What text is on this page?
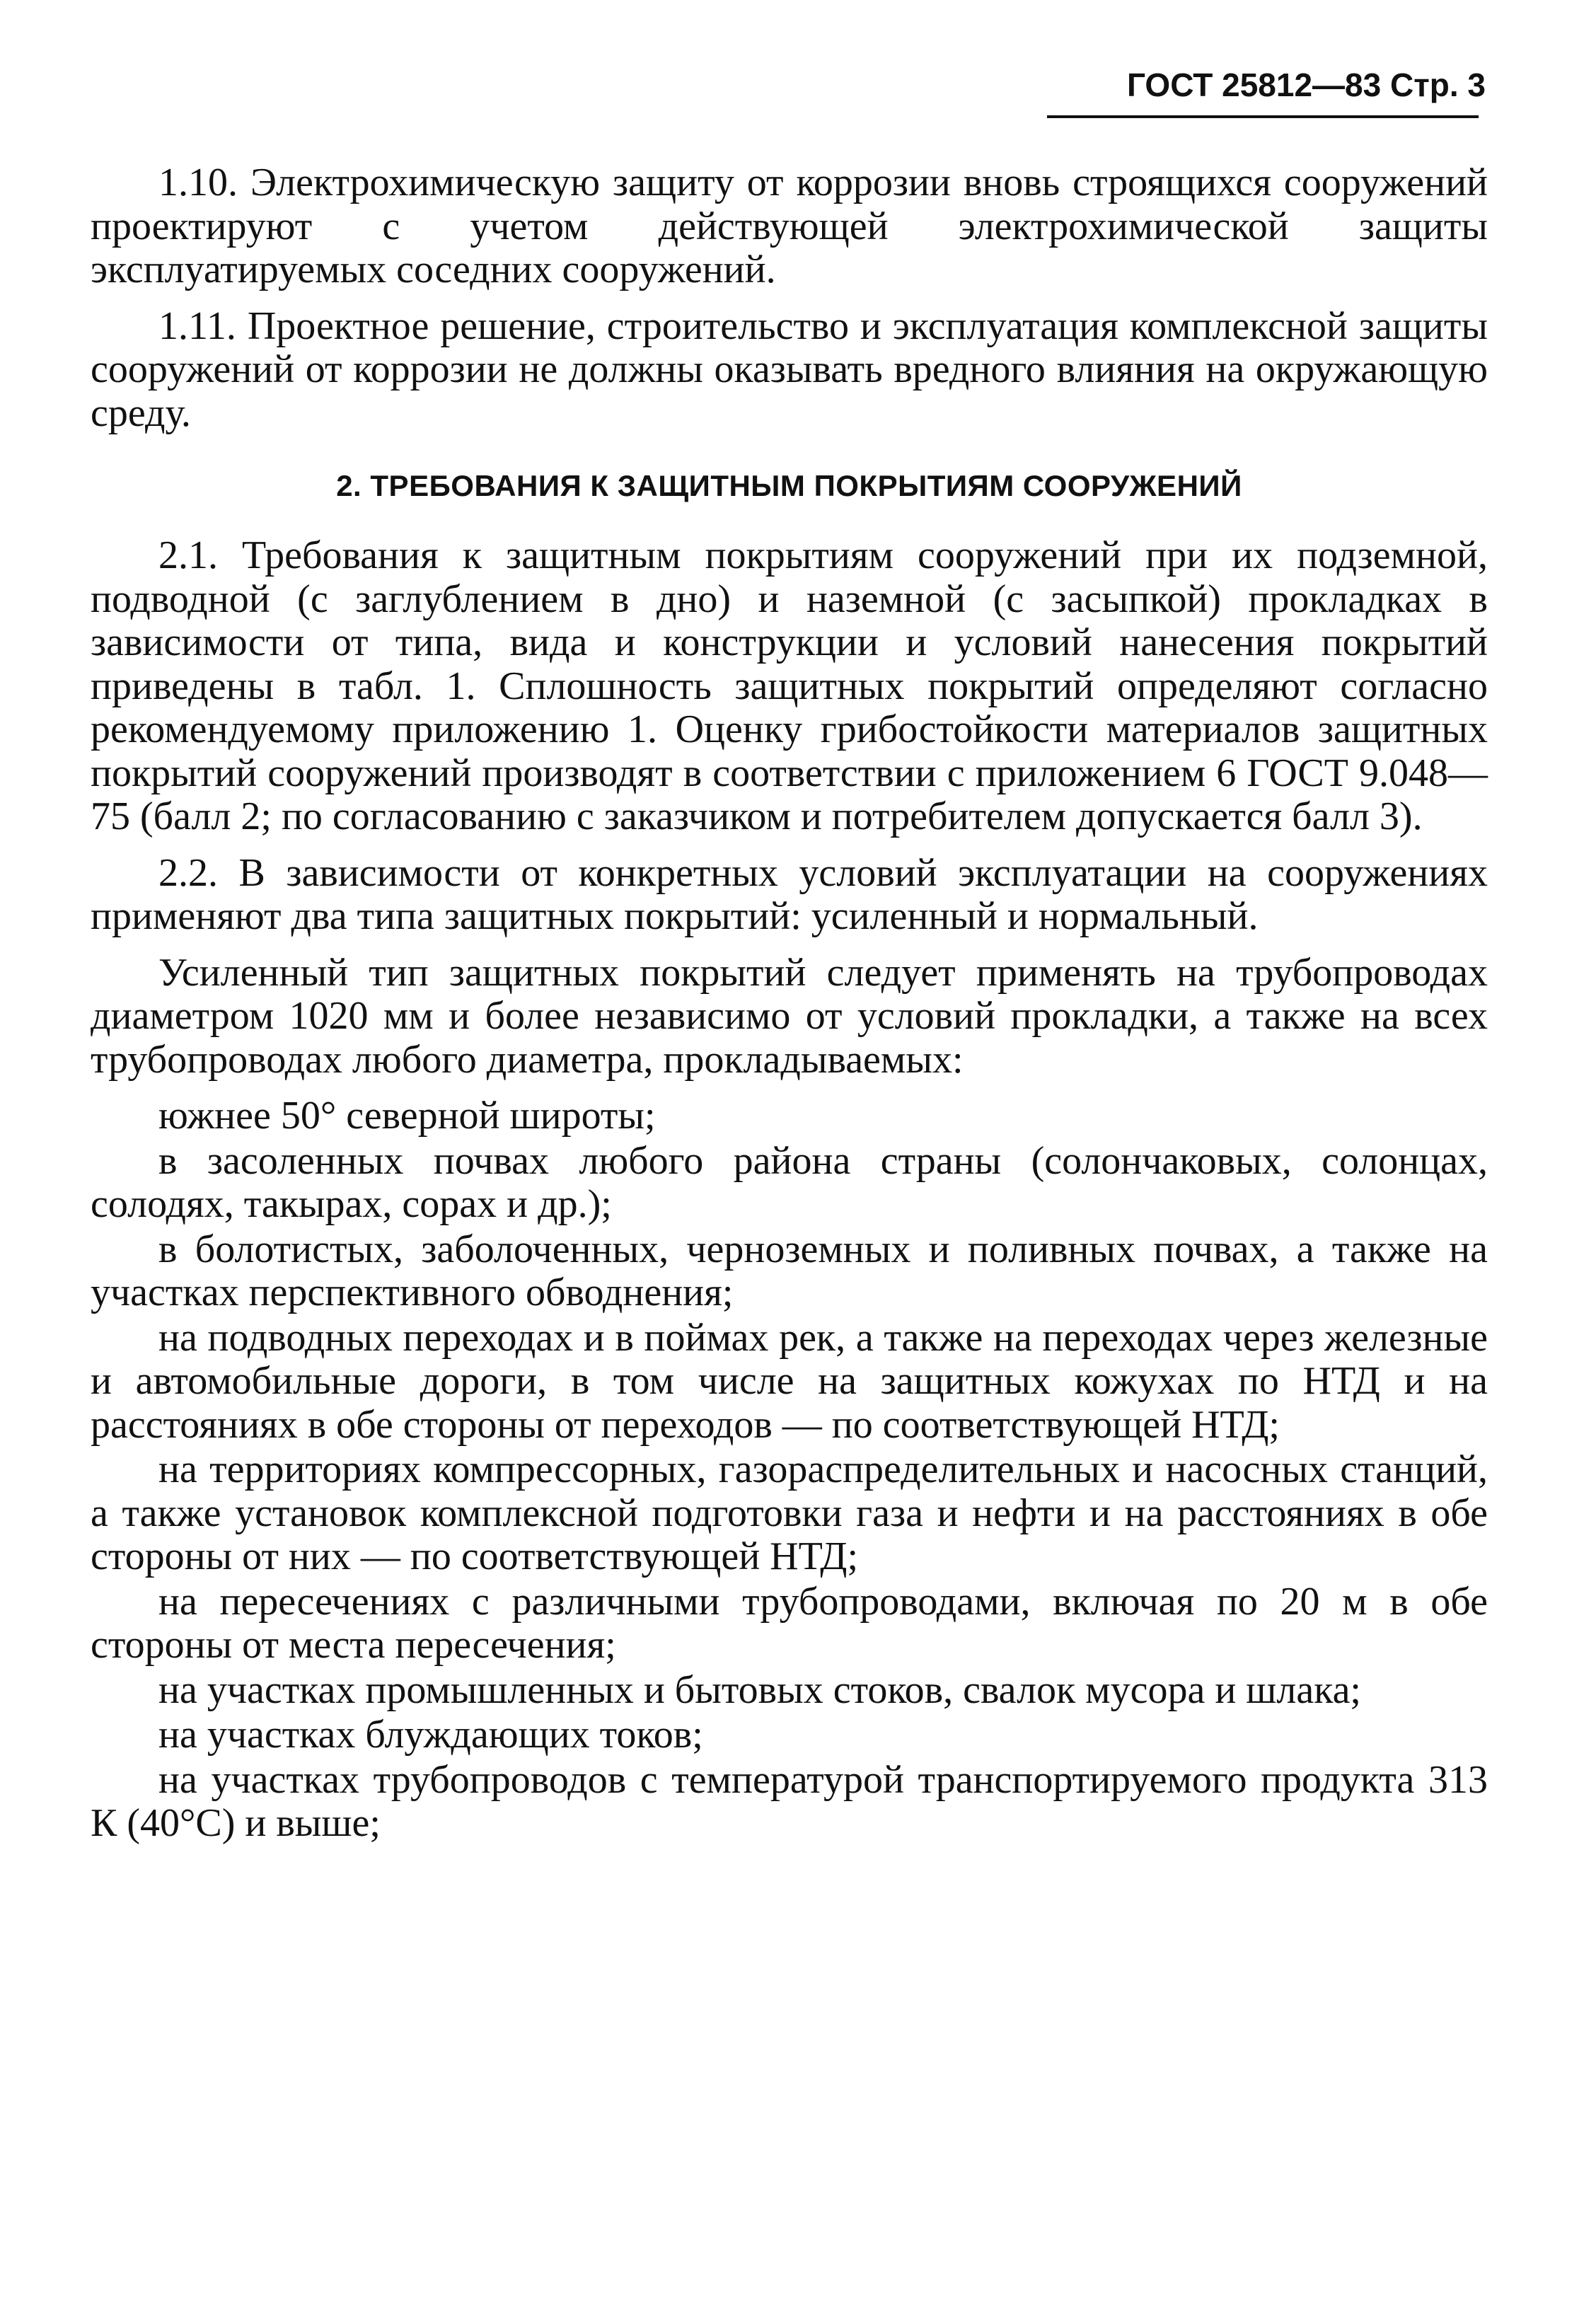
ГОСТ 25812—83 Стр. 3

1.10. Электрохимическую защиту от коррозии вновь строящихся сооружений проектируют с учетом действующей электрохимической защиты эксплуатируемых соседних сооружений.

1.11. Проектное решение, строительство и эксплуатация комплексной защиты сооружений от коррозии не должны оказывать вредного влияния на окружающую среду.

2. ТРЕБОВАНИЯ К ЗАЩИТНЫМ ПОКРЫТИЯМ СООРУЖЕНИЙ

2.1. Требования к защитным покрытиям сооружений при их подземной, подводной (с заглублением в дно) и наземной (с засыпкой) прокладках в зависимости от типа, вида и конструкции и условий нанесения покрытий приведены в табл. 1. Сплошность защитных покрытий определяют согласно рекомендуемому приложению 1. Оценку грибостойкости материалов защитных покрытий сооружений производят в соответствии с приложением 6 ГОСТ 9.048—75 (балл 2; по согласованию с заказчиком и потребителем допускается балл 3).

2.2. В зависимости от конкретных условий эксплуатации на сооружениях применяют два типа защитных покрытий: усиленный и нормальный.

Усиленный тип защитных покрытий следует применять на трубопроводах диаметром 1020 мм и более независимо от условий прокладки, а также на всех трубопроводах любого диаметра, прокладываемых:

южнее 50° северной широты;

в засоленных почвах любого района страны (солончаковых, солонцах, солодях, такырах, сорах и др.);

в болотистых, заболоченных, черноземных и поливных почвах, а также на участках перспективного обводнения;

на подводных переходах и в поймах рек, а также на переходах через железные и автомобильные дороги, в том числе на защитных кожухах по НТД и на расстояниях в обе стороны от переходов — по соответствующей НТД;

на территориях компрессорных, газораспределительных и насосных станций, а также установок комплексной подготовки газа и нефти и на расстояниях в обе стороны от них — по соответствующей НТД;

на пересечениях с различными трубопроводами, включая по 20 м в обе стороны от места пересечения;

на участках промышленных и бытовых стоков, свалок мусора и шлака;

на участках блуждающих токов;

на участках трубопроводов с температурой транспортируемого продукта 313 К (40°С) и выше;
